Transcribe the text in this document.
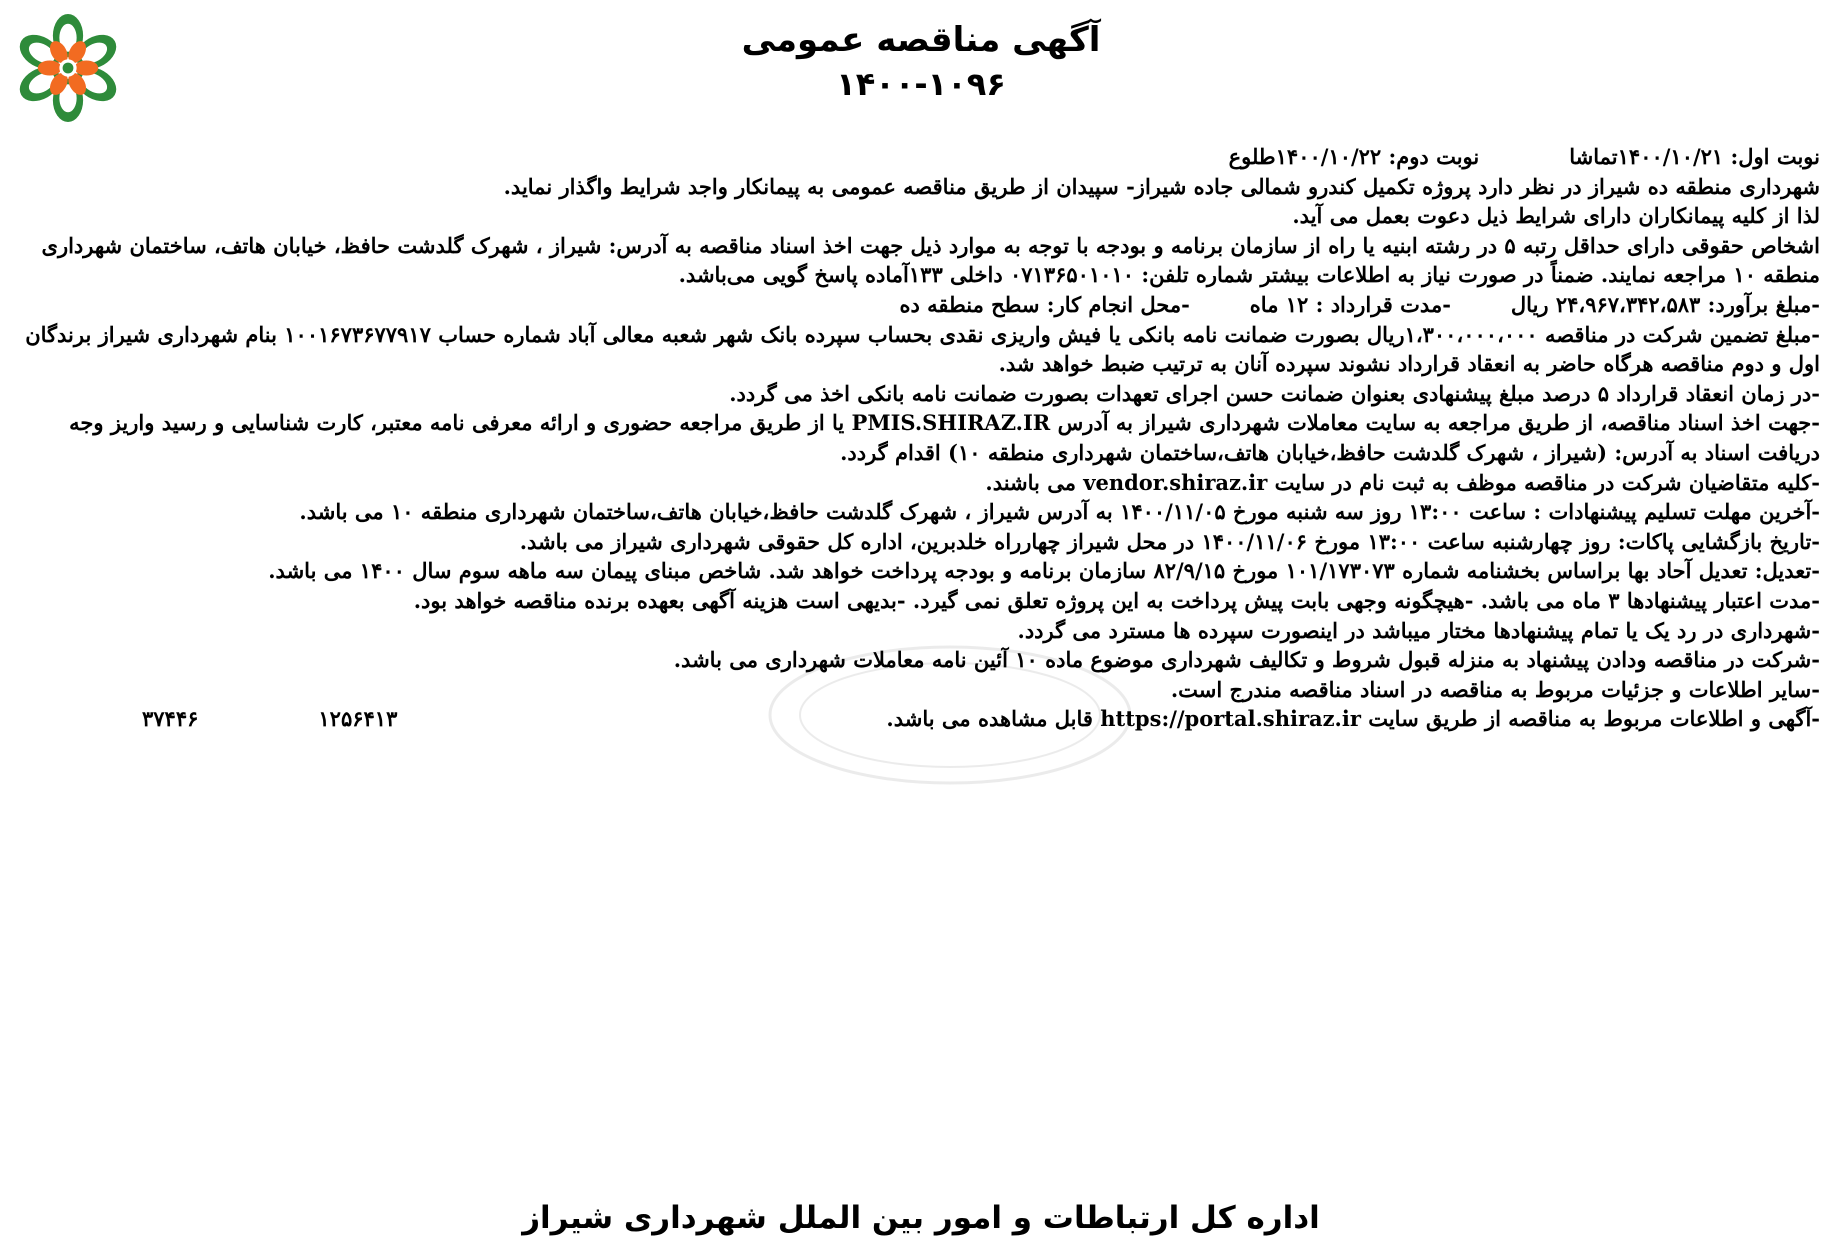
آگهی مناقصه عمومی
۱۴۰۰-۱۰۹۶
نوبت اول: ۱۴۰۰/۱۰/۲۱تماشا
نوبت دوم: ۱۴۰۰/۱۰/۲۲طلوع

شهرداری منطقه ده شیراز در نظر دارد پروژه تکمیل کندرو شمالی جاده شیراز- سپیدان از طریق مناقصه عمومی به پیمانکار واجد شرایط واگذار نماید.

لذا از کلیه پیمانکاران دارای شرایط ذیل دعوت بعمل می آید.

اشخاص حقوقی دارای حداقل رتبه ۵ در رشته ابنیه یا راه از سازمان برنامه و بودجه با توجه به موارد ذیل جهت اخذ اسناد مناقصه به آدرس: شیراز ، شهرک گلدشت حافظ، خیابان هاتف، ساختمان شهرداری منطقه ۱۰ مراجعه نمایند. ضمناً در صورت نیاز به اطلاعات بیشتر شماره تلفن: ۰۷۱۳۶۵۰۱۰۱۰ داخلی ۱۳۳آماده پاسخ گویی می‌باشد.

-مبلغ برآورد: ۲۴،۹۶۷،۳۴۲،۵۸۳ ریال
-مدت قرارداد : ۱۲ ماه
-محل انجام کار: سطح منطقه ده

-مبلغ تضمین شرکت در مناقصه ۱،۳۰۰،۰۰۰،۰۰۰ریال بصورت ضمانت نامه بانکی یا فیش واریزی نقدی بحساب سپرده بانک شهر شعبه معالی آباد شماره حساب ۱۰۰۱۶۷۳۶۷۷۹۱۷ بنام شهرداری شیراز برندگان اول و دوم مناقصه هرگاه حاضر به انعقاد قرارداد نشوند سپرده آنان به ترتیب ضبط خواهد شد.

-در زمان انعقاد قرارداد ۵ درصد مبلغ پیشنهادی بعنوان ضمانت حسن اجرای تعهدات بصورت ضمانت نامه بانکی اخذ می گردد.

-جهت اخذ اسناد مناقصه، از طریق مراجعه به سایت معاملات شهرداری شیراز به آدرس PMIS.SHIRAZ.IR یا از طریق مراجعه حضوری و ارائه معرفی نامه معتبر، کارت شناسایی و رسید واریز وجه دریافت اسناد به آدرس: (شیراز ، شهرک گلدشت حافظ،خیابان هاتف،ساختمان شهرداری منطقه ۱۰) اقدام گردد.

-کلیه متقاضیان شرکت در مناقصه موظف به ثبت نام در سایت vendor.shiraz.ir می باشند.

-آخرین مهلت تسلیم پیشنهادات : ساعت ۱۳:۰۰ روز سه شنبه مورخ ۱۴۰۰/۱۱/۰۵ به آدرس شیراز ، شهرک گلدشت حافظ،خیابان هاتف،ساختمان شهرداری منطقه ۱۰ می باشد.

-تاریخ بازگشایی پاکات: روز چهارشنبه ساعت ۱۳:۰۰ مورخ ۱۴۰۰/۱۱/۰۶ در محل شیراز چهارراه خلدبرین، اداره کل حقوقی شهرداری شیراز می باشد.

-تعدیل: تعدیل آحاد بها براساس بخشنامه شماره ۱۰۱/۱۷۳۰۷۳ مورخ ۸۲/۹/۱۵ سازمان برنامه و بودجه پرداخت خواهد شد. شاخص مبنای پیمان سه ماهه سوم سال ۱۴۰۰ می باشد.

-مدت اعتبار پیشنهادها ۳ ماه می باشد. -هیچگونه وجهی بابت پیش پرداخت به این پروژه تعلق نمی گیرد. -بدیهی است هزینه آگهی بعهده برنده مناقصه خواهد بود.

-شهرداری در رد یک یا تمام پیشنهادها مختار میباشد در اینصورت سپرده ها مسترد می گردد.

-شرکت در مناقصه ودادن پیشنهاد به منزله قبول شروط و تکالیف شهرداری موضوع ماده ۱۰ آئین نامه معاملات شهرداری می باشد.

-سایر اطلاعات و جزئیات مربوط به مناقصه در اسناد مناقصه مندرج است.

-آگهی و اطلاعات مربوط به مناقصه از طریق سایت https://portal.shiraz.ir قابل مشاهده می باشد.
۱۲۵۶۴۱۳
۳۷۴۴۶
اداره کل ارتباطات و امور بین الملل شهرداری شیراز
